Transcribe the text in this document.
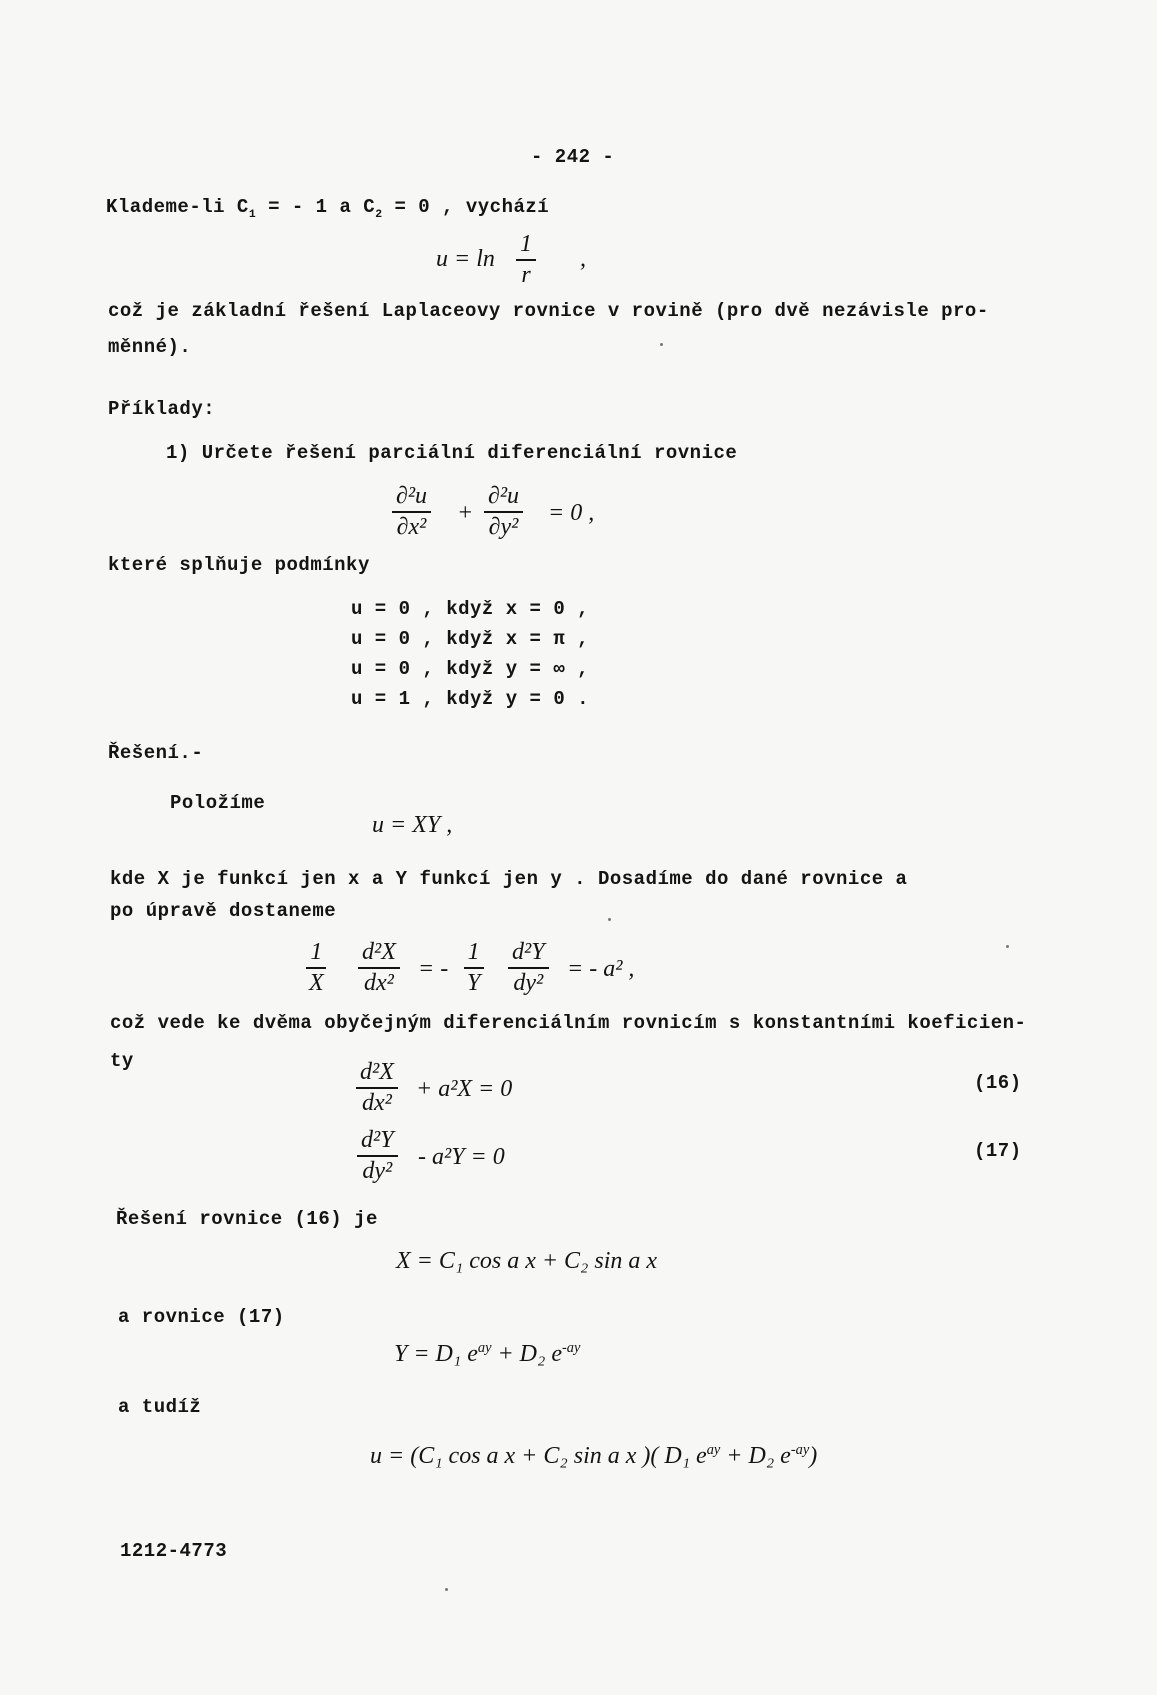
- 242 -
Klademe-li $C_1$ = - 1 a $C_2 = 0$ , vychází
$u = \ln \frac{1}{r}$ ,
což je základní řešení Laplaceovy rovnice v rovině (pro dvě nezávisle pro-
měnné).
Příklady:
1) Určete řešení parciální diferenciální rovnice
$\frac{\text{∂²u}}{\text{∂x²}} + \frac{\text{∂²u}}{\text{∂y²}} = 0$ ,
které splňuje podmínky
u = 0 , když x = 0 ,
u = 0 , když x = π ,
u = 0 , když y = ∞ ,
u = 1 , když y = 0 .
Řešení.-
Položíme
u = XY ,
kde X je funkcí jen x a Y funkcí jen y . Dosadíme do dané rovnice a
po úpravě dostaneme
$\frac{1}{X} \frac{\text{d²X}}{\text{dx²}}$ = - $\frac{1}{Y} \frac{\text{d²Y}}{\text{dy²}}$ = - a² ,
což vede ke dvěma obyčejným diferenciálním rovnicím s konstantními koeficien-
ty	$\frac{\text{d²X}}{\text{dx²}} + a^2X = 0$	(16)
$\frac{\text{d²Y}}{\text{dy²}} - a^2Y = 0$	(17)
Řešení rovnice (16) je
X = C₁ cos a x + C₂ sin a x
a rovnice (17)
Y = D₁ $e^{ay} + D_2$ $e^{-ay}$
a tudíž
u = (C₁ cos a x + C₂ sin a x )( D₁ $e^{ay} + D_2$ $e^{-ay}$)
1212-4773
